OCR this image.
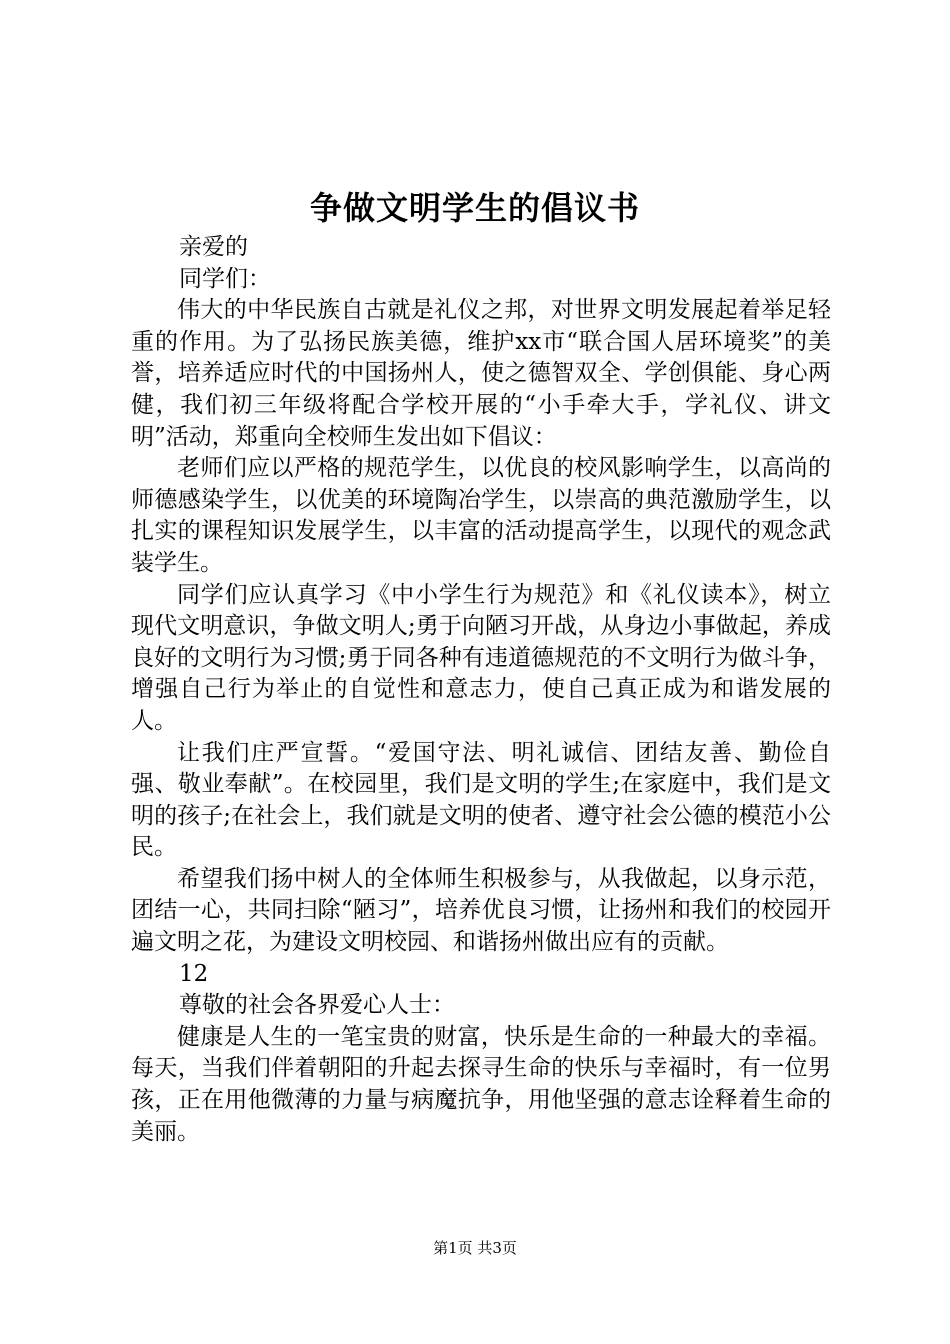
争做文明学生的倡议书

亲爱的

同学们：

伟大的中华民族自古就是礼仪之邦，对世界文明发展起着举足轻重的作用。为了弘扬民族美德，维护xx市“联合国人居环境奖”的美誉，培养适应时代的中国扬州人，使之德智双全、学创俱能、身心两健，我们初三年级将配合学校开展的“小手牵大手，学礼仪、讲文明”活动，郑重向全校师生发出如下倡议：

老师们应以严格的规范学生，以优良的校风影响学生，以高尚的师德感染学生，以优美的环境陶冶学生，以崇高的典范激励学生，以扎实的课程知识发展学生，以丰富的活动提高学生，以现代的观念武装学生。

同学们应认真学习《中小学生行为规范》和《礼仪读本》，树立现代文明意识，争做文明人;勇于向陋习开战，从身边小事做起，养成良好的文明行为习惯;勇于同各种有违道德规范的不文明行为做斗争，增强自己行为举止的自觉性和意志力，使自己真正成为和谐发展的人。

让我们庄严宣誓。“爱国守法、明礼诚信、团结友善、勤俭自强、敬业奉献”。在校园里，我们是文明的学生;在家庭中，我们是文明的孩子;在社会上，我们就是文明的使者、遵守社会公德的模范小公民。

希望我们扬中树人的全体师生积极参与，从我做起，以身示范，团结一心，共同扫除“陋习”，培养优良习惯，让扬州和我们的校园开遍文明之花，为建设文明校园、和谐扬州做出应有的贡献。

12

尊敬的社会各界爱心人士：

健康是人生的一笔宝贵的财富，快乐是生命的一种最大的幸福。每天，当我们伴着朝阳的升起去探寻生命的快乐与幸福时，有一位男孩，正在用他微薄的力量与病魔抗争，用他坚强的意志诠释着生命的美丽。

第1页 共3页
